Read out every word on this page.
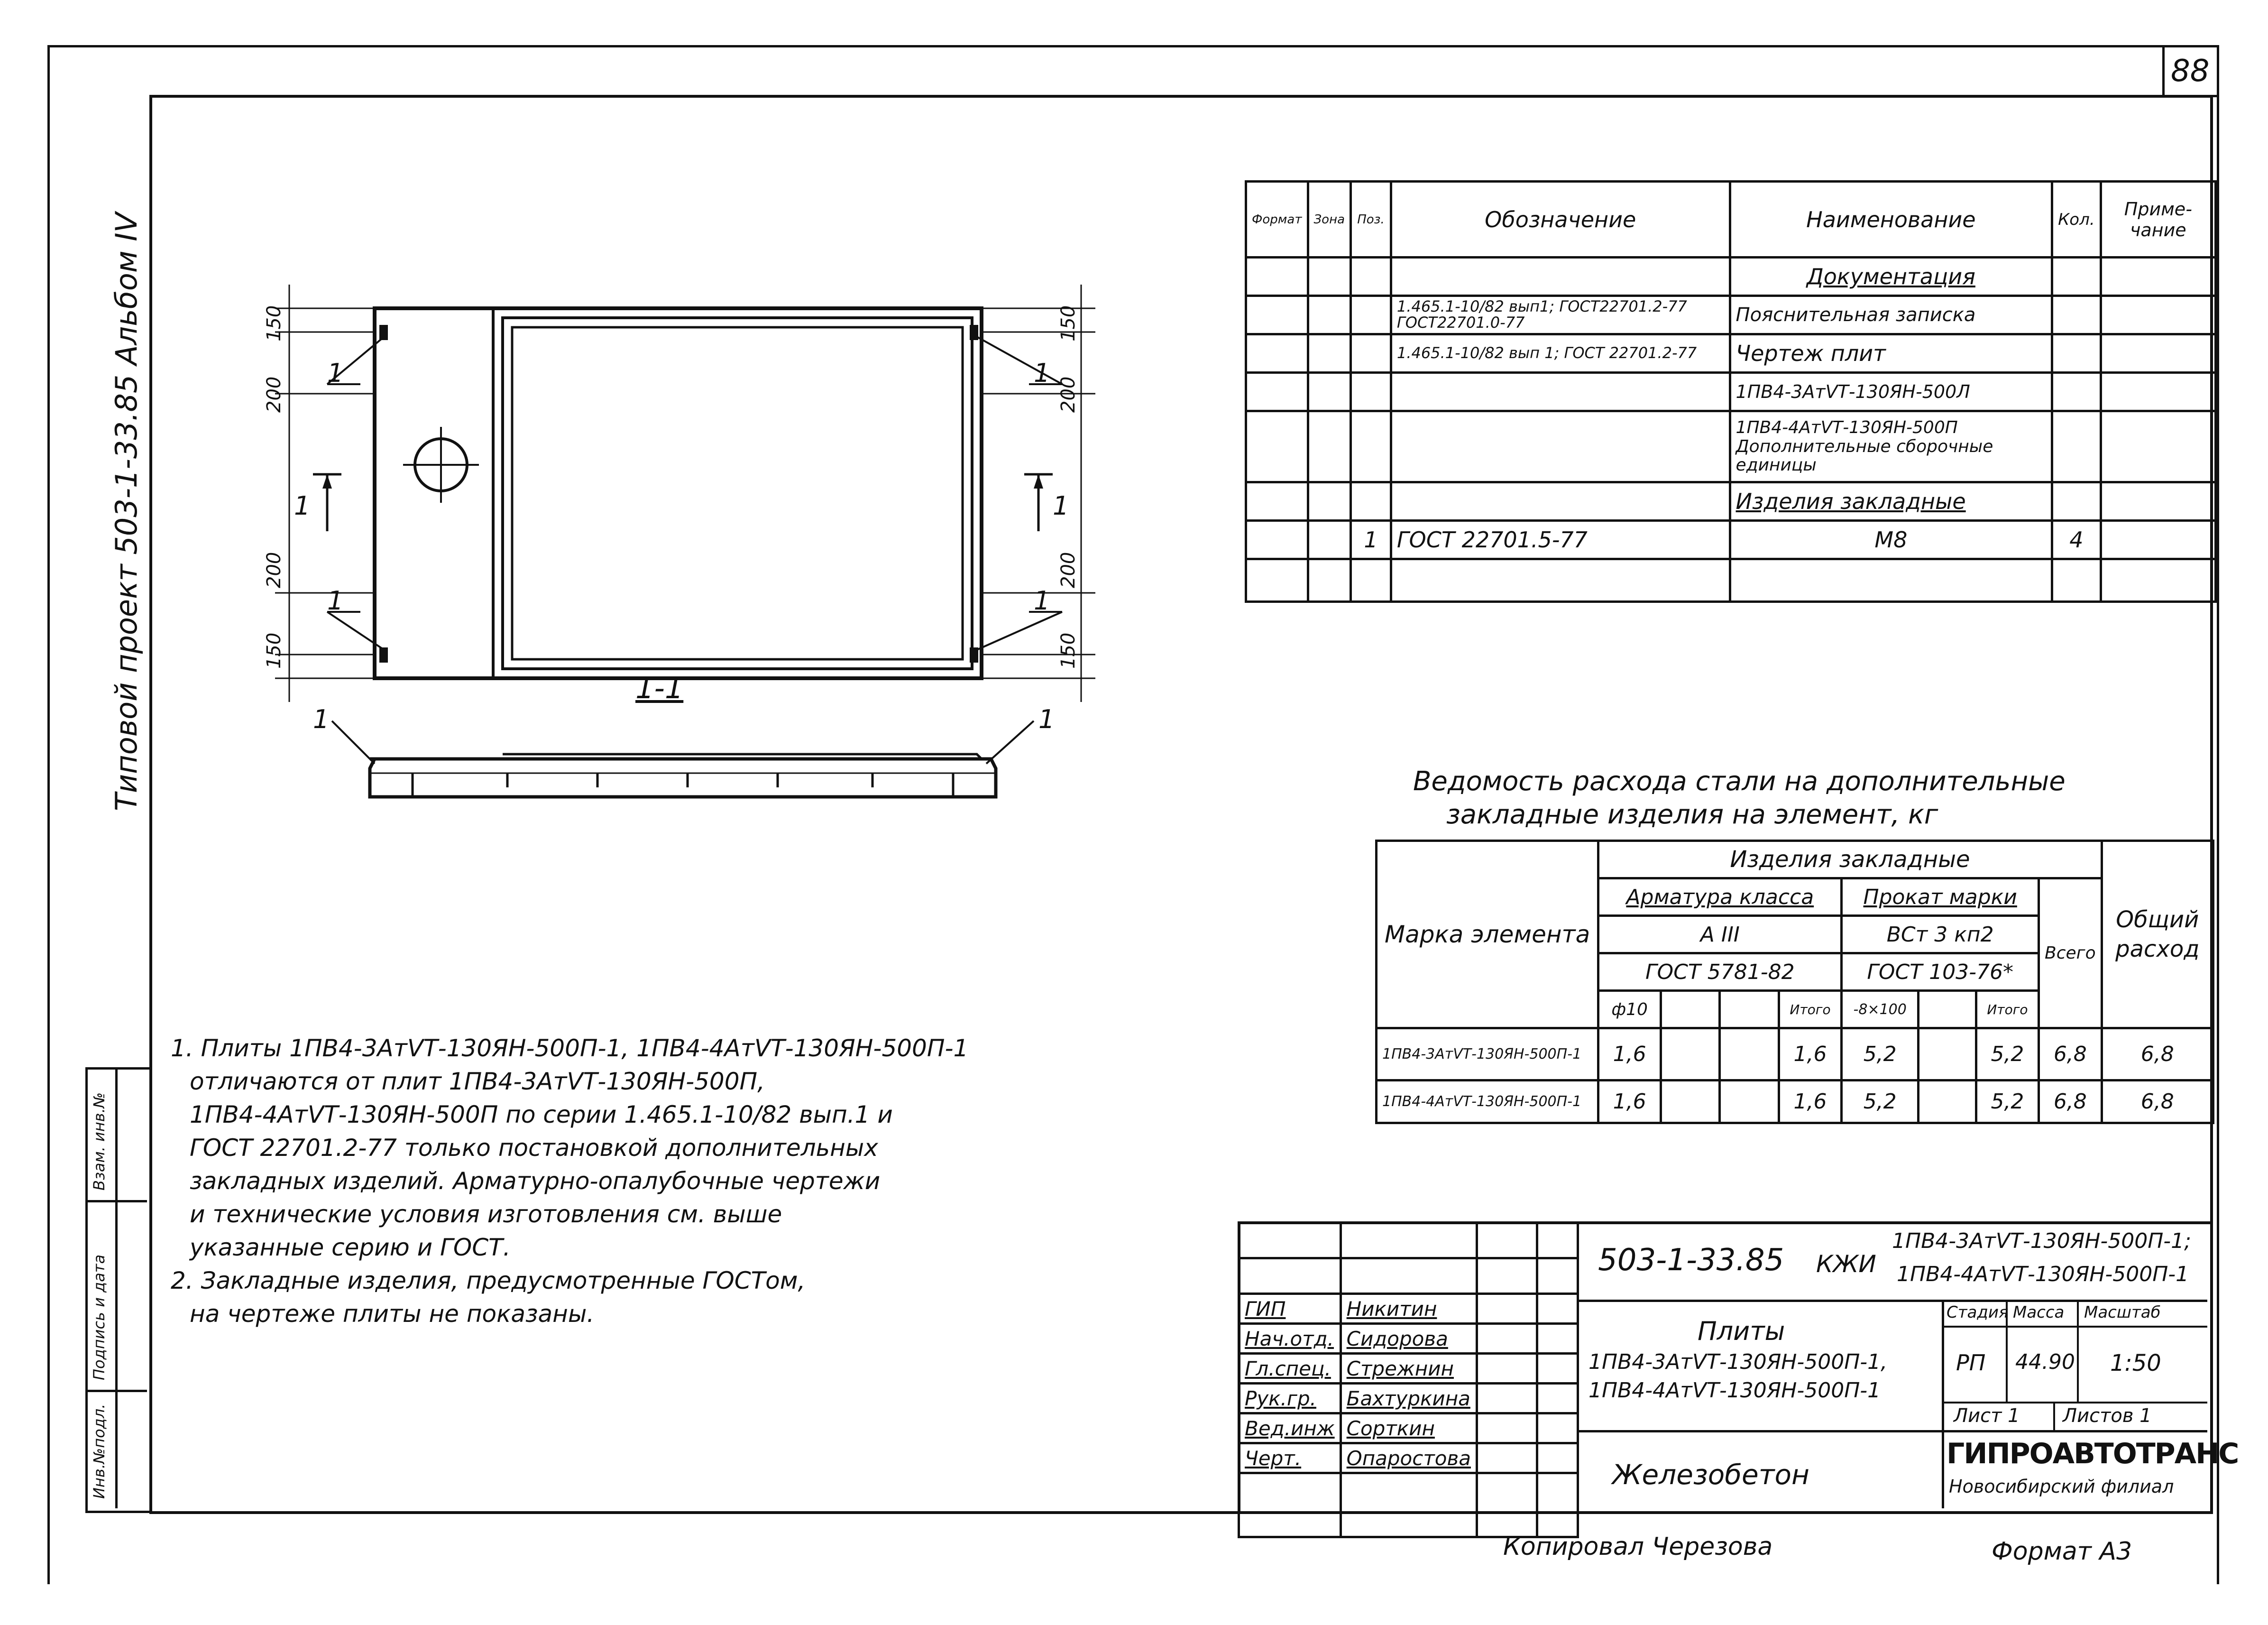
88
Типовой проект 503-1-33.85 Альбом IV
Инв.№подл.
Подпись и дата
Взам. инв.№
150
200
200
150
150
200
200
150
1
1
1
1
1	1
1-1
1	1
Формат	Зона	Поз.	Обозначение	Наименование	Кол.	Приме-чание
				Документация		
			1.465.1-10/82 вып1; ГОСТ22701.2-77 ГОСТ22701.0-77	Пояснительная записка		
			1.465.1-10/82 вып 1; ГОСТ 22701.2-77	Чертеж плит		
				1ПВ4-3АтVТ-130ЯН-500Л		
				1ПВ4-4АтVТ-130ЯН-500П Дополнительные сборочные единицы		
				Изделия закладные		
		1	ГОСТ 22701.5-77	М8	4	

Ведомость расхода стали на дополнительные
закладные изделия на элемент, кг
Марка элемента	Изделия закладные								Общий расход
	Арматура класса				Прокат марки			Всего	
	А III				ВСт 3 кп2				
	ГОСТ 5781-82				ГОСТ 103-76*				
	ф10			Итого	-8×100		Итого		
1ПВ4-3АтVТ-130ЯН-500П-1	1,6			1,6	5,2		5,2	6,8	6,8
1ПВ4-4АтVТ-130ЯН-500П-1	1,6			1,6	5,2		5,2	6,8	6,8
1. Плиты 1ПВ4-3АтVТ-130ЯН-500П-1, 1ПВ4-4АтVТ-130ЯН-500П-1
отличаются от плит 1ПВ4-3АтVТ-130ЯН-500П,
1ПВ4-4АтVТ-130ЯН-500П по серии 1.465.1-10/82 вып.1 и
ГОСТ 22701.2-77 только постановкой дополнительных
закладных изделий. Арматурно-опалубочные чертежи
и технические условия изготовления см. выше
указанные серию и ГОСТ.
2. Закладные изделия, предусмотренные ГОСТом,
на чертеже плиты не показаны.

				ГИП	Никитин		
Нач.отд.	Сидорова		
Гл.спец.	Стрежнин		
Рук.гр.	Бахтуркина		
Вед.инж	Сорткин		
Черт.	Опаростова		

503-1-33.85 КЖИ
1ПВ4-3АтVТ-130ЯН-500П-1;
1ПВ4-4АтVТ-130ЯН-500П-1
Плиты
1ПВ4-3АтVТ-130ЯН-500П-1,
1ПВ4-4АтVТ-130ЯН-500П-1
Стадия Масса Масштаб
РП 44.90 1:50
Лист 1 Листов 1
Железобетон
ГИПРОАВТОТРАНС
Новосибирский филиал
Копировал Черезова	Формат А3
